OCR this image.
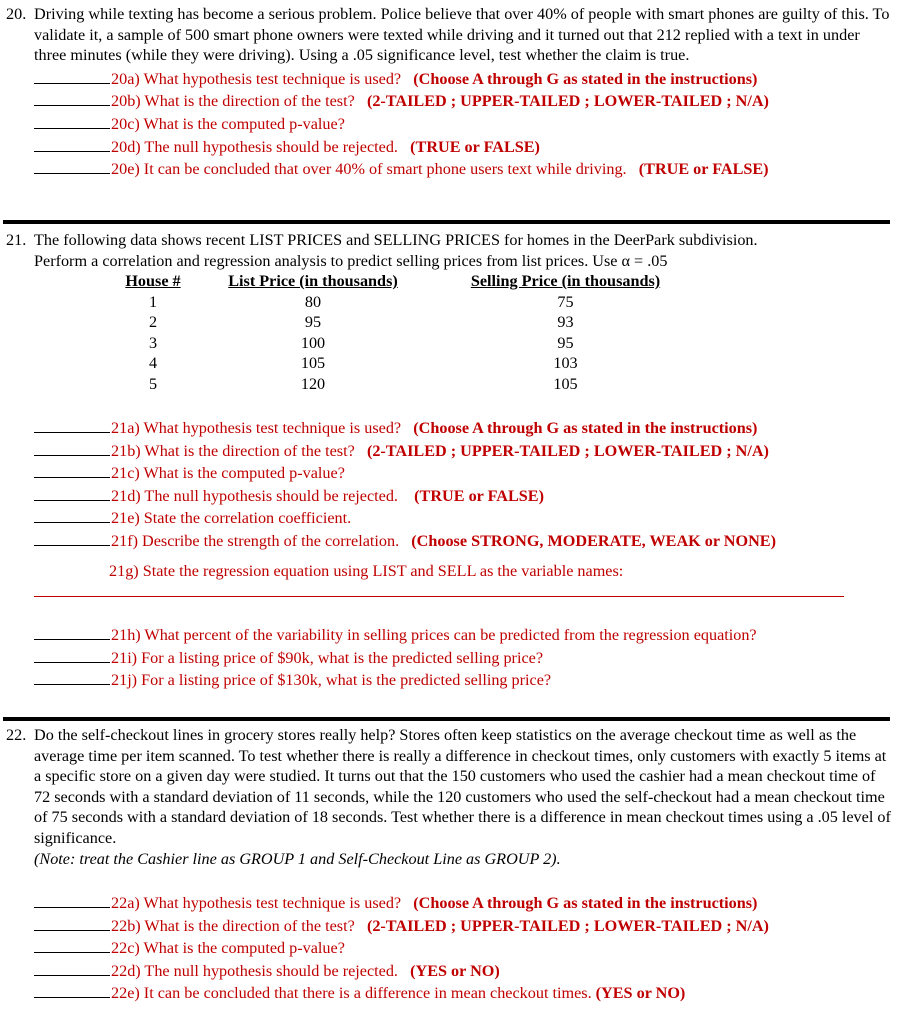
20. Driving while texting has become a serious problem. Police believe that over 40% of people with smart phones are guilty of this. To validate it, a sample of 500 smart phone owners were texted while driving and it turned out that 212 replied with a text in under three minutes (while they were driving). Using a .05 significance level, test whether the claim is true.
20a) What hypothesis test technique is used? (Choose A through G as stated in the instructions)
20b) What is the direction of the test? (2-TAILED ; UPPER-TAILED ; LOWER-TAILED ; N/A)
20c) What is the computed p-value?
20d) The null hypothesis should be rejected. (TRUE or FALSE)
20e) It can be concluded that over 40% of smart phone users text while driving. (TRUE or FALSE)
21. The following data shows recent LIST PRICES and SELLING PRICES for homes in the DeerPark subdivision.

Perform a correlation and regression analysis to predict selling prices from list prices. Use α = .05

House #	List Price (in thousands)	Selling Price (in thousands)
1	80	75
2	95	93
3	100	95
4	105	103
5	120	105
21a) What hypothesis test technique is used? (Choose A through G as stated in the instructions)
21b) What is the direction of the test? (2-TAILED ; UPPER-TAILED ; LOWER-TAILED ; N/A)
21c) What is the computed p-value?
21d) The null hypothesis should be rejected. (TRUE or FALSE)
21e) State the correlation coefficient.
21f) Describe the strength of the correlation. (Choose STRONG, MODERATE, WEAK or NONE)
21g) State the regression equation using LIST and SELL as the variable names:
21h) What percent of the variability in selling prices can be predicted from the regression equation?
21i) For a listing price of $90k, what is the predicted selling price?
21j) For a listing price of $130k, what is the predicted selling price?
22. Do the self-checkout lines in grocery stores really help? Stores often keep statistics on the average checkout time as well as the average time per item scanned. To test whether there is really a difference in checkout times, only customers with exactly 5 items at a specific store on a given day were studied. It turns out that the 150 customers who used the cashier had a mean checkout time of 72 seconds with a standard deviation of 11 seconds, while the 120 customers who used the self-checkout had a mean checkout time of 75 seconds with a standard deviation of 18 seconds. Test whether there is a difference in mean checkout times using a .05 level of significance.

(Note: treat the Cashier line as GROUP 1 and Self-Checkout Line as GROUP 2).

22a) What hypothesis test technique is used? (Choose A through G as stated in the instructions)
22b) What is the direction of the test? (2-TAILED ; UPPER-TAILED ; LOWER-TAILED ; N/A)
22c) What is the computed p-value?
22d) The null hypothesis should be rejected. (YES or NO)
22e) It can be concluded that there is a difference in mean checkout times. (YES or NO)
